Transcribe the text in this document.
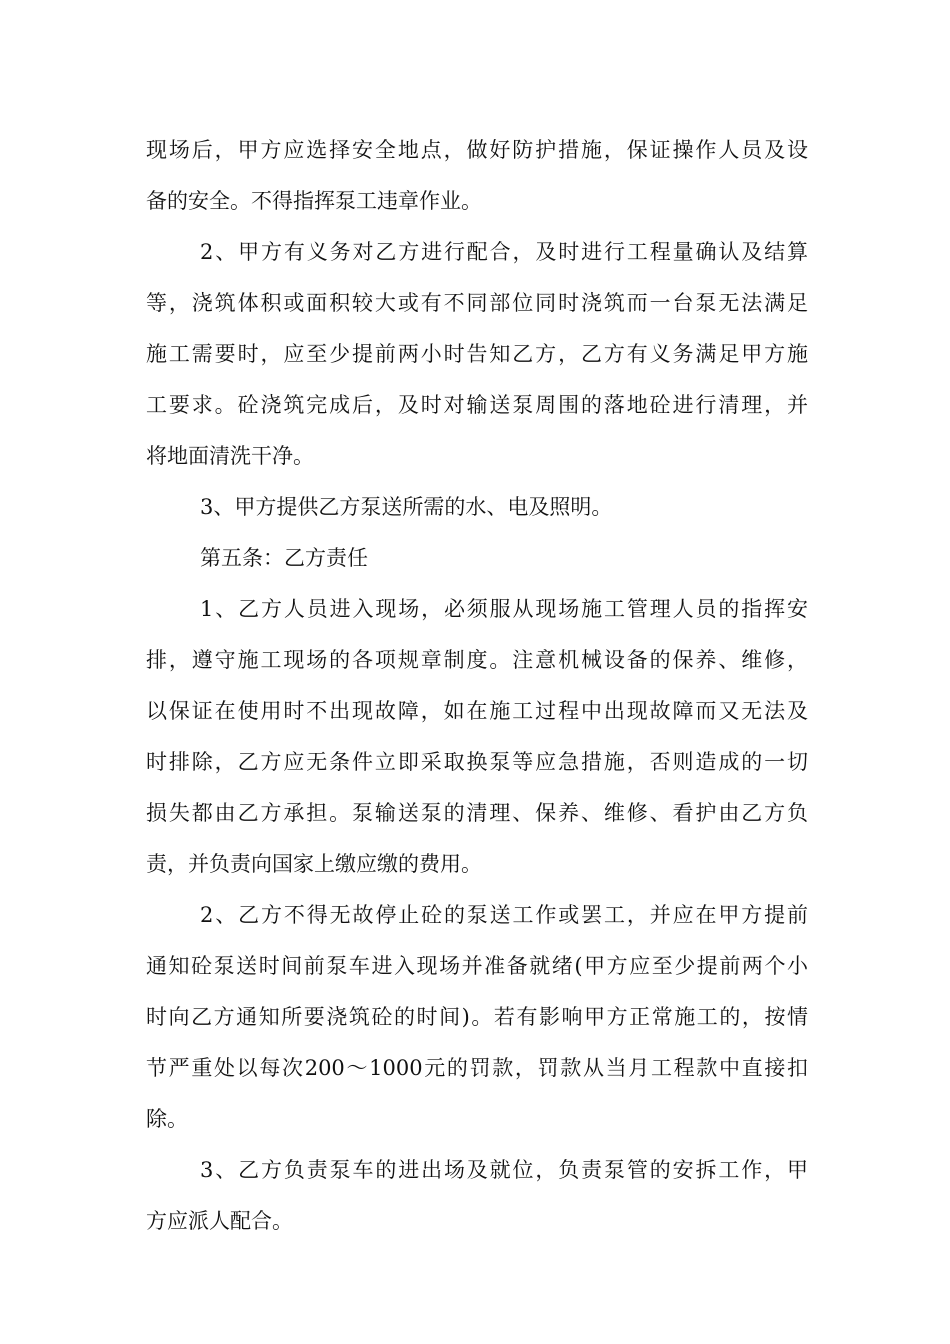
现场后，甲方应选择安全地点，做好防护措施，保证操作人员及设
备的安全。不得指挥泵工违章作业。
2、甲方有义务对乙方进行配合，及时进行工程量确认及结算
等，浇筑体积或面积较大或有不同部位同时浇筑而一台泵无法满足
施工需要时，应至少提前两小时告知乙方，乙方有义务满足甲方施
工要求。砼浇筑完成后，及时对输送泵周围的落地砼进行清理，并
将地面清洗干净。
3、甲方提供乙方泵送所需的水、电及照明。
第五条：乙方责任
1、乙方人员进入现场，必须服从现场施工管理人员的指挥安
排，遵守施工现场的各项规章制度。注意机械设备的保养、维修，
以保证在使用时不出现故障，如在施工过程中出现故障而又无法及
时排除，乙方应无条件立即采取换泵等应急措施，否则造成的一切
损失都由乙方承担。泵输送泵的清理、保养、维修、看护由乙方负
责，并负责向国家上缴应缴的费用。
2、乙方不得无故停止砼的泵送工作或罢工，并应在甲方提前
通知砼泵送时间前泵车进入现场并准备就绪(甲方应至少提前两个小
时向乙方通知所要浇筑砼的时间)。若有影响甲方正常施工的，按情
节严重处以每次200～1000元的罚款，罚款从当月工程款中直接扣
除。
3、乙方负责泵车的进出场及就位，负责泵管的安拆工作，甲
方应派人配合。
